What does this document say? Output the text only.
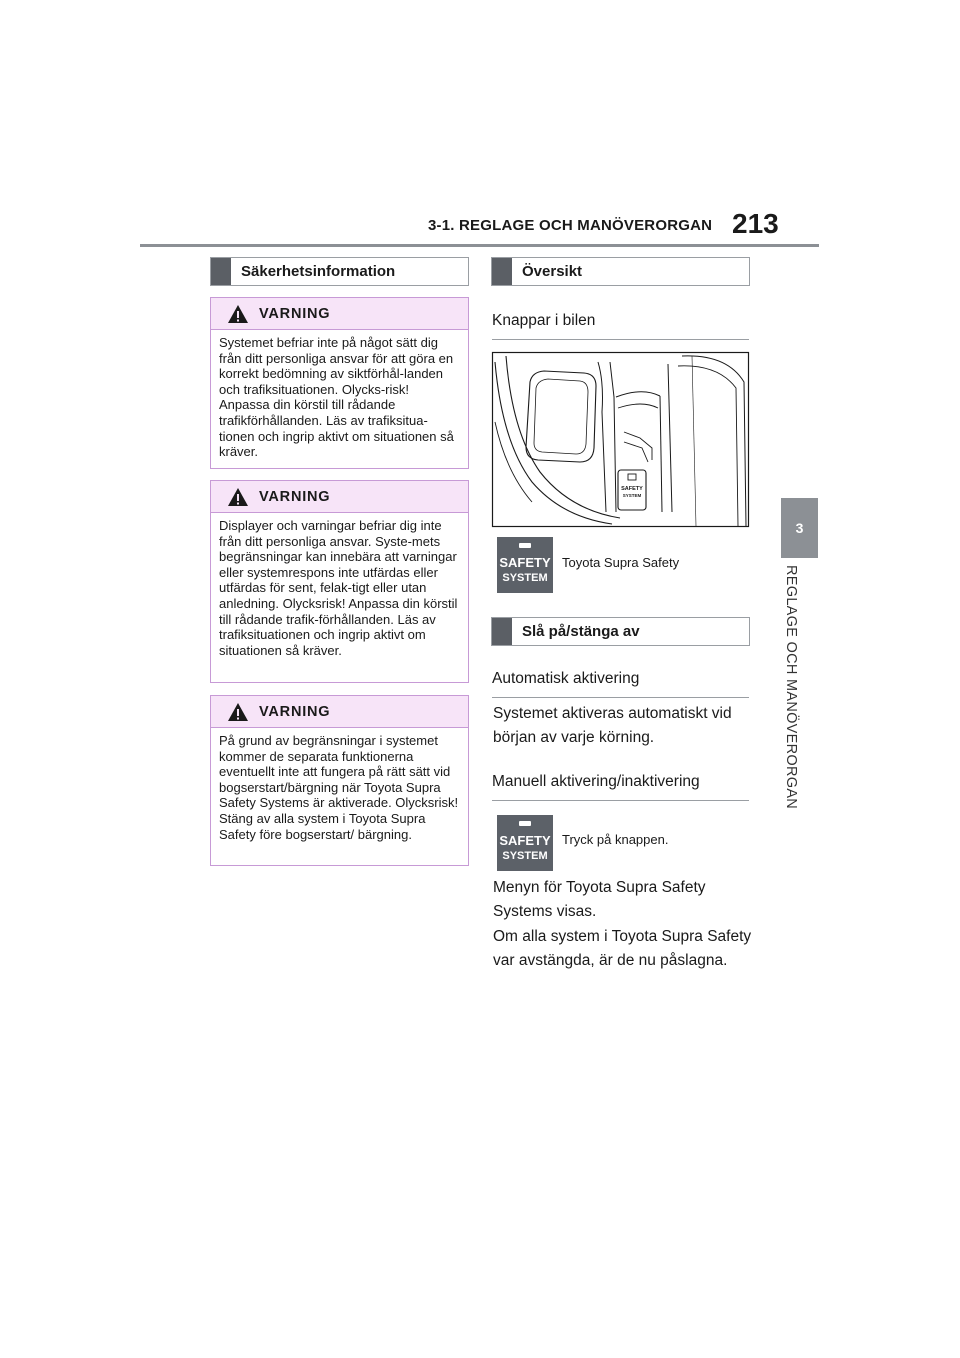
3-1. REGLAGE OCH MANÖVERORGAN 213
3
REGLAGE OCH MANÖVERORGAN
Säkerhetsinformation
VARNING
Systemet befriar inte på något sätt dig från ditt personliga ansvar för att göra en korrekt bedömning av siktförhål-landen och trafiksituationen. Olycks-risk! Anpassa din körstil till rådande trafikförhållanden. Läs av trafiksitua-tionen och ingrip aktivt om situationen så kräver.
VARNING
Displayer och varningar befriar dig inte från ditt personliga ansvar. Syste-mets begränsningar kan innebära att varningar eller systemrespons inte utfärdas eller utfärdas för sent, felak-tigt eller utan anledning. Olycksrisk! Anpassa din körstil till rådande trafik-förhållanden. Läs av trafiksituationen och ingrip aktivt om situationen så kräver.
VARNING
På grund av begränsningar i systemet kommer de separata funktionerna eventuellt inte att fungera på rätt sätt vid bogserstart/bärgning när Toyota Supra Safety Systems är aktiverade. Olycksrisk! Stäng av alla system i Toyota Supra Safety före bogserstart/ bärgning.
Översikt
Knappar i bilen
SAFETY
SYSTEM
SAFETY
SYSTEM
Toyota Supra Safety
Slå på/stänga av
Automatisk aktivering
Systemet aktiveras automatiskt vid början av varje körning.
Manuell aktivering/inaktivering
SAFETY
SYSTEM
Tryck på knappen.
Menyn för Toyota Supra Safety Systems visas.
Om alla system i Toyota Supra Safety var avstängda, är de nu påslagna.
